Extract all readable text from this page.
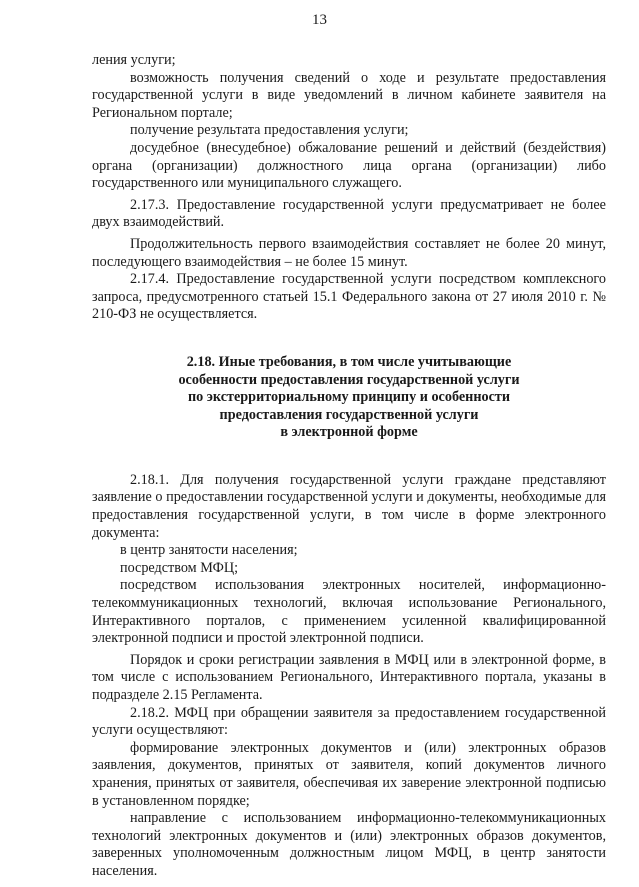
13

ления услуги;

возможность получения сведений о ходе и результате предоставления государственной услуги в виде уведомлений в личном кабинете заявителя на Региональном портале;

получение результата предоставления услуги;

досудебное (внесудебное) обжалование решений и действий (бездействия) органа (организации) должностного лица органа (организации) либо государственного или муниципального служащего.

2.17.3. Предоставление государственной услуги предусматривает не более двух взаимодействий.

Продолжительность первого взаимодействия составляет не более 20 минут, последующего взаимодействия – не более 15 минут.

2.17.4. Предоставление государственной услуги посредством комплексного запроса, предусмотренного статьей 15.1 Федерального закона от 27 июля 2010 г. № 210-ФЗ не осуществляется.

2.18. Иные требования, в том числе учитывающие
особенности предоставления государственной услуги
по экстерриториальному принципу и особенности
предоставления государственной услуги
в электронной форме

2.18.1. Для получения государственной услуги граждане представляют заявление о предоставлении государственной услуги и документы, необходимые для предоставления государственной услуги, в том числе в форме электронного документа:

в центр занятости населения;

посредством МФЦ;

посредством использования электронных носителей, информационно-телекоммуникационных технологий, включая использование Регионального, Интерактивного порталов, с применением усиленной квалифицированной электронной подписи и простой электронной подписи.

Порядок и сроки регистрации заявления в МФЦ или в электронной форме, в том числе с использованием Регионального, Интерактивного портала, указаны в подразделе 2.15 Регламента.

2.18.2. МФЦ при обращении заявителя за предоставлением государственной услуги осуществляют:

формирование электронных документов и (или) электронных образов заявления, документов, принятых от заявителя, копий документов личного хранения, принятых от заявителя, обеспечивая их заверение электронной подписью в установленном порядке;

направление с использованием информационно-телекоммуникационных технологий электронных документов и (или) электронных образов документов, заверенных уполномоченным должностным лицом МФЦ, в центр занятости населения.
